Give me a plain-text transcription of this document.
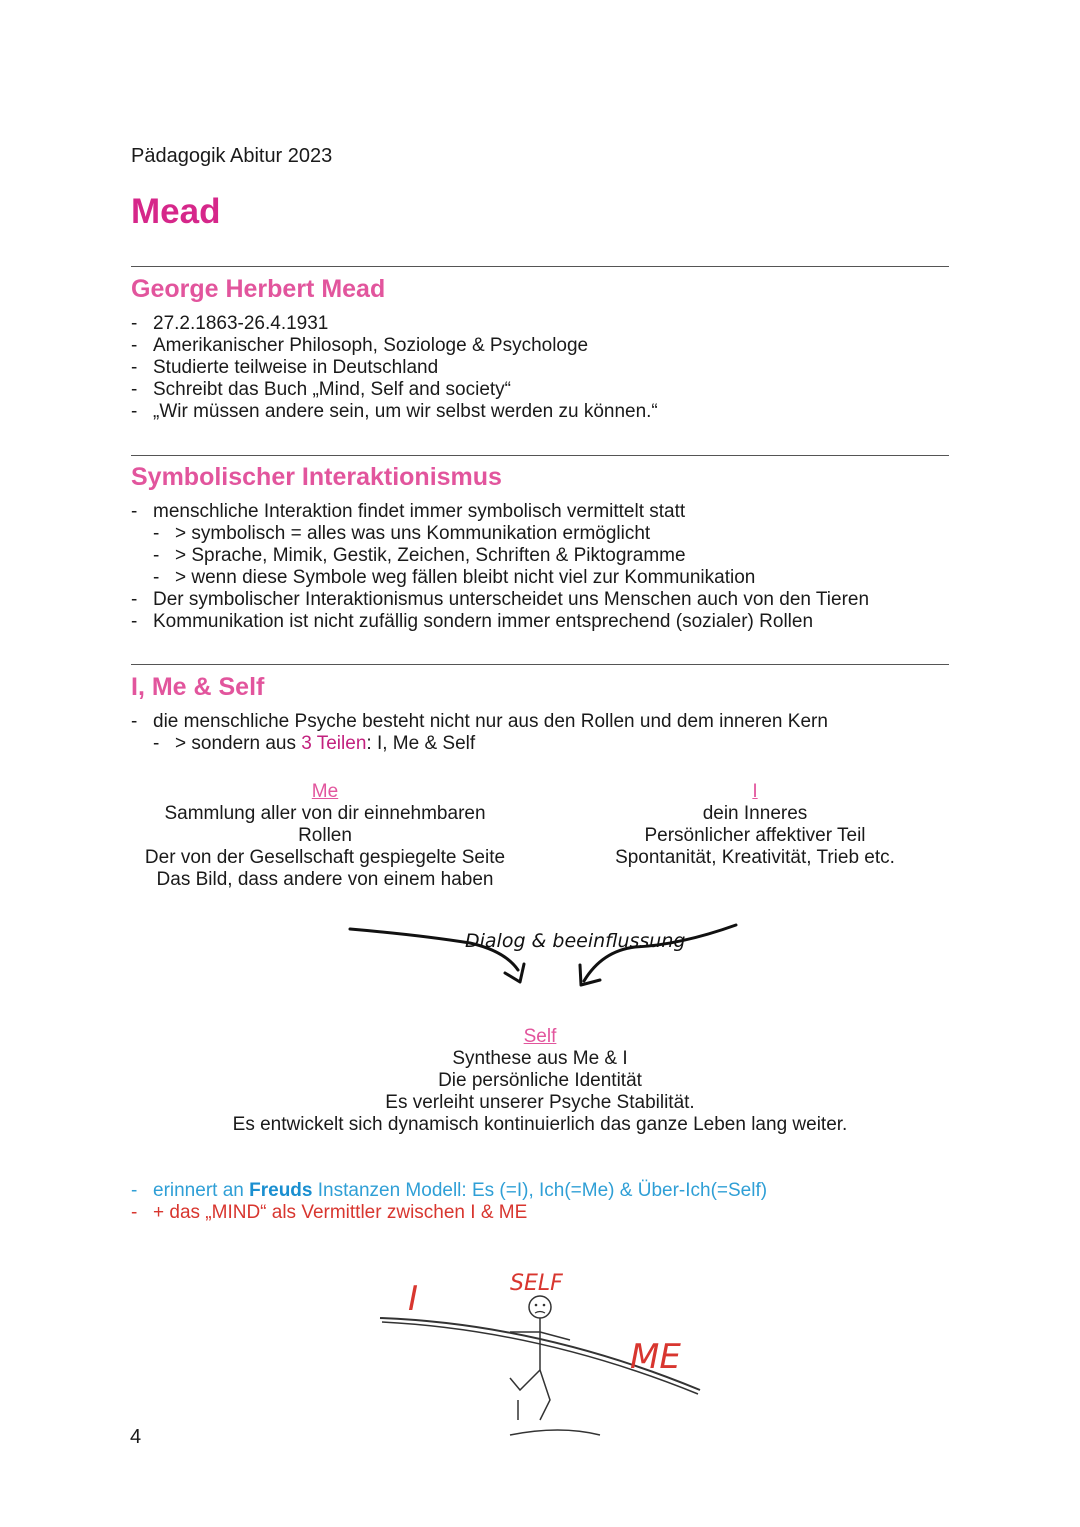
Pädagogik Abitur 2023
Mead
George Herbert Mead
- 27.2.1863-26.4.1931
- Amerikanischer Philosoph, Soziologe & Psychologe
- Studierte teilweise in Deutschland
- Schreibt das Buch „Mind, Self and society“
- „Wir müssen andere sein, um wir selbst werden zu können.“
Symbolischer Interaktionismus
- menschliche Interaktion findet immer symbolisch vermittelt statt
- > symbolisch = alles was uns Kommunikation ermöglicht
- > Sprache, Mimik, Gestik, Zeichen, Schriften & Piktogramme
- > wenn diese Symbole weg fällen bleibt nicht viel zur Kommunikation
- Der symbolischer Interaktionismus unterscheidet uns Menschen auch von den Tieren
- Kommunikation ist nicht zufällig sondern immer entsprechend (sozialer) Rollen
I, Me & Self
- die menschliche Psyche besteht nicht nur aus den Rollen und dem inneren Kern
- > sondern aus 3 Teilen: I, Me & Self
Me
Sammlung aller von dir einnehmbaren
Rollen
Der von der Gesellschaft gespiegelte Seite
Das Bild, dass andere von einem haben
I
dein Inneres
Persönlicher affektiver Teil
Spontanität, Kreativität, Trieb etc.
Dialog & beeinflussung
Self
Synthese aus Me & I
Die persönliche Identität
Es verleiht unserer Psyche Stabilität.
Es entwickelt sich dynamisch kontinuierlich das ganze Leben lang weiter.
- erinnert an Freuds Instanzen Modell: Es (=I), Ich(=Me) & Über-Ich(=Self)
- + das „MIND“ als Vermittler zwischen I & ME
I	SELF
ME
4
